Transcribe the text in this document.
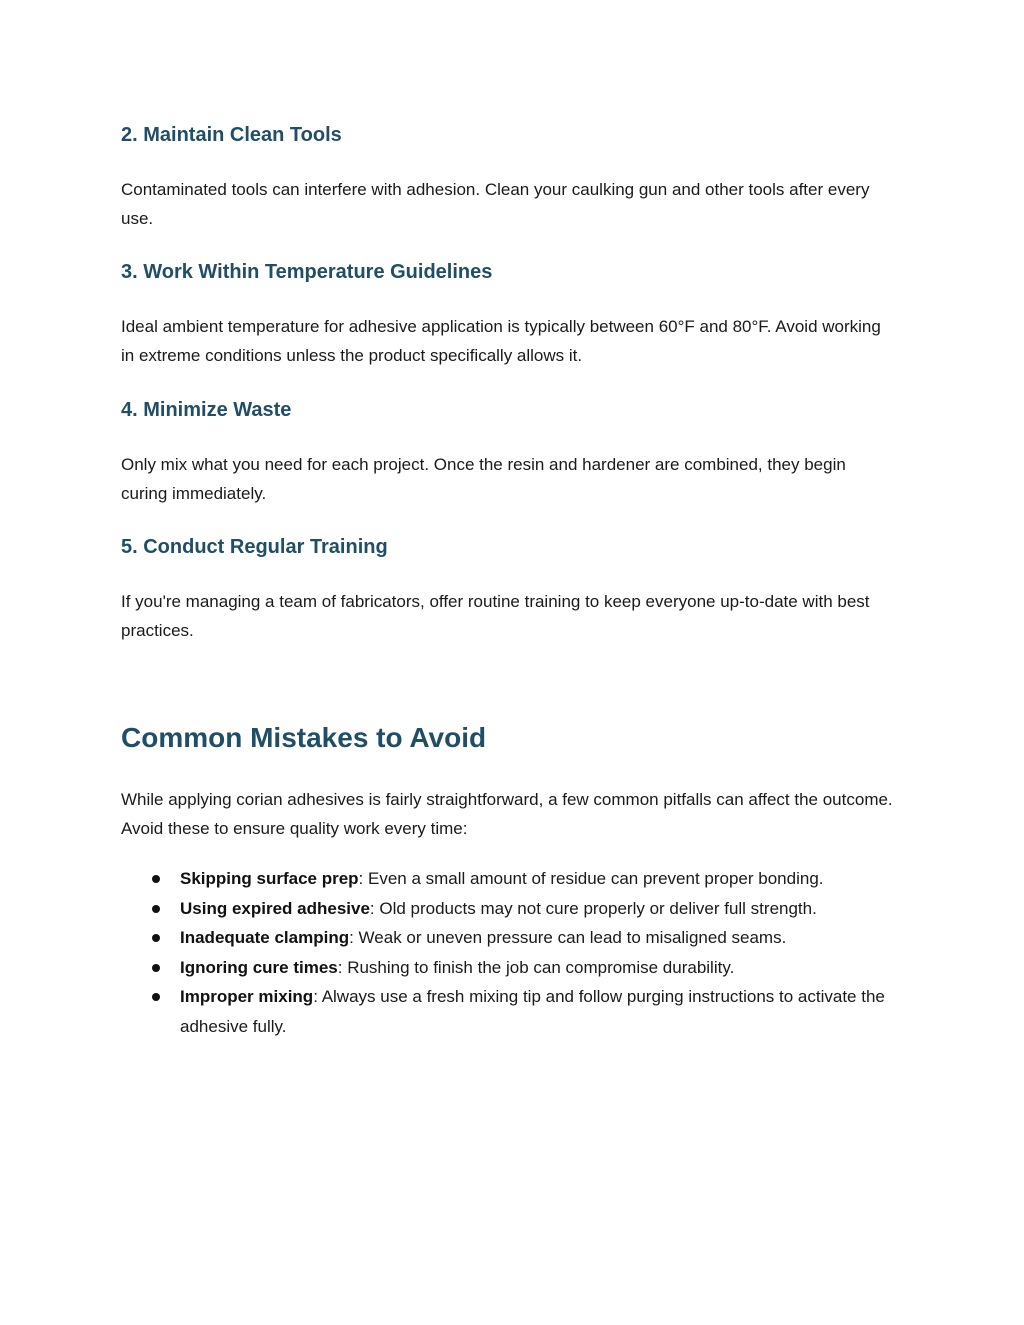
2. Maintain Clean Tools

Contaminated tools can interfere with adhesion. Clean your caulking gun and other tools after every use.

3. Work Within Temperature Guidelines

Ideal ambient temperature for adhesive application is typically between 60°F and 80°F. Avoid working in extreme conditions unless the product specifically allows it.

4. Minimize Waste

Only mix what you need for each project. Once the resin and hardener are combined, they begin curing immediately.

5. Conduct Regular Training

If you're managing a team of fabricators, offer routine training to keep everyone up-to-date with best practices.

Common Mistakes to Avoid

While applying corian adhesives is fairly straightforward, a few common pitfalls can affect the outcome. Avoid these to ensure quality work every time:

Skipping surface prep: Even a small amount of residue can prevent proper bonding.
Using expired adhesive: Old products may not cure properly or deliver full strength.
Inadequate clamping: Weak or uneven pressure can lead to misaligned seams.
Ignoring cure times: Rushing to finish the job can compromise durability.
Improper mixing: Always use a fresh mixing tip and follow purging instructions to activate the adhesive fully.
